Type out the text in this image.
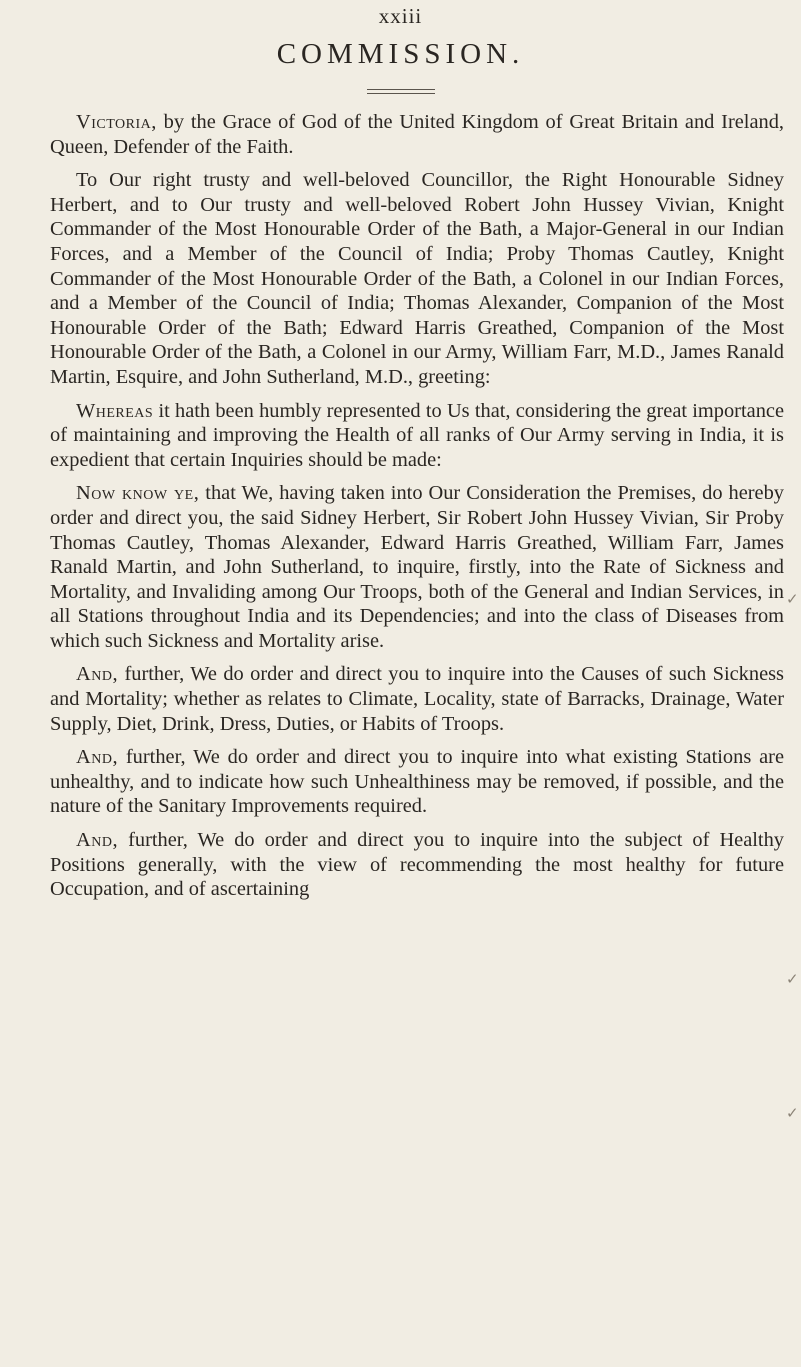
xxiii
COMMISSION.

Victoria, by the Grace of God of the United Kingdom of Great Britain and Ireland, Queen, Defender of the Faith.

To Our right trusty and well-beloved Councillor, the Right Honourable Sidney Herbert, and to Our trusty and well-beloved Robert John Hussey Vivian, Knight Commander of the Most Honourable Order of the Bath, a Major-General in our Indian Forces, and a Member of the Council of India; Proby Thomas Cautley, Knight Commander of the Most Honourable Order of the Bath, a Colonel in our Indian Forces, and a Member of the Council of India; Thomas Alexander, Companion of the Most Honourable Order of the Bath; Edward Harris Greathed, Companion of the Most Honourable Order of the Bath, a Colonel in our Army, William Farr, M.D., James Ranald Martin, Esquire, and John Sutherland, M.D., greeting:

Whereas it hath been humbly represented to Us that, considering the great importance of maintaining and improving the Health of all ranks of Our Army serving in India, it is expedient that certain Inquiries should be made:

Now know ye, that We, having taken into Our Consideration the Premises, do hereby order and direct you, the said Sidney Herbert, Sir Robert John Hussey Vivian, Sir Proby Thomas Cautley, Thomas Alexander, Edward Harris Greathed, William Farr, James Ranald Martin, and John Sutherland, to inquire, firstly, into the Rate of Sickness and Mortality, and Invaliding among Our Troops, both of the General and Indian Services, in all Stations throughout India and its Dependencies; and into the class of Diseases from which such Sickness and Mortality arise.

And, further, We do order and direct you to inquire into the Causes of such Sickness and Mortality; whether as relates to Climate, Locality, state of Barracks, Drainage, Water Supply, Diet, Drink, Dress, Duties, or Habits of Troops.

And, further, We do order and direct you to inquire into what existing Stations are unhealthy, and to indicate how such Unhealthiness may be removed, if possible, and the nature of the Sanitary Improvements required.

And, further, We do order and direct you to inquire into the subject of Healthy Positions generally, with the view of recommending the most healthy for future Occupation, and of ascertaining

✓
✓
✓
